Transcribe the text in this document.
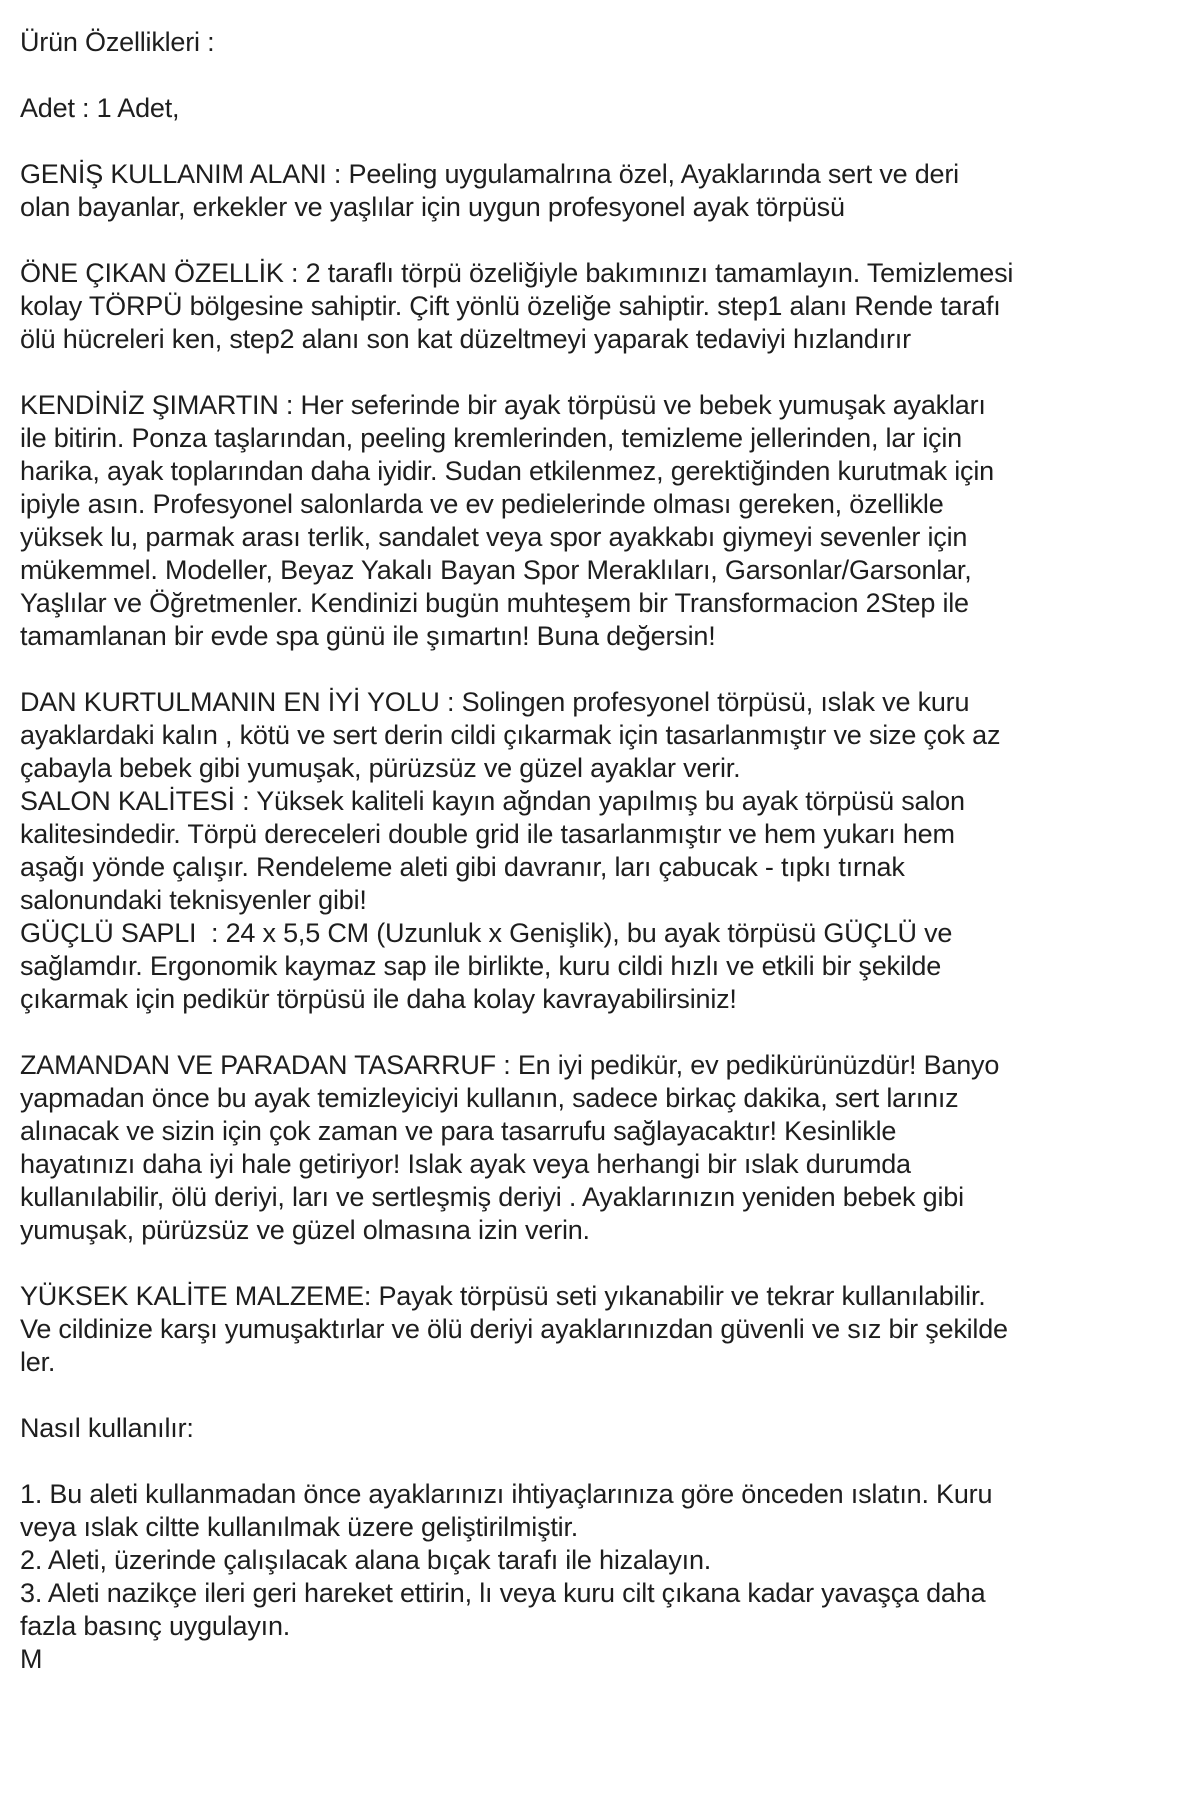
Ürün Özellikleri :

Adet : 1 Adet,

GENİŞ KULLANIM ALANI : Peeling uygulamalrına özel, Ayaklarında sert ve deri olan bayanlar, erkekler ve yaşlılar için uygun profesyonel ayak törpüsü

ÖNE ÇIKAN ÖZELLİK : 2 taraflı törpü özeliğiyle bakımınızı tamamlayın. Temizlemesi kolay TÖRPÜ bölgesine sahiptir. Çift yönlü özeliğe sahiptir. step1 alanı Rende tarafı ölü hücreleri ken, step2 alanı son kat düzeltmeyi yaparak tedaviyi hızlandırır

KENDİNİZ ŞIMARTIN : Her seferinde bir ayak törpüsü ve bebek yumuşak ayakları ile bitirin. Ponza taşlarından, peeling kremlerinden, temizleme jellerinden, lar için harika, ayak toplarından daha iyidir. Sudan etkilenmez, gerektiğinden kurutmak için ipiyle asın. Profesyonel salonlarda ve ev pedielerinde olması gereken, özellikle yüksek lu, parmak arası terlik, sandalet veya spor ayakkabı giymeyi sevenler için mükemmel. Modeller, Beyaz Yakalı Bayan Spor Meraklıları, Garsonlar/Garsonlar, Yaşlılar ve Öğretmenler. Kendinizi bugün muhteşem bir Transformacion 2Step ile tamamlanan bir evde spa günü ile şımartın! Buna değersin!

DAN KURTULMANIN EN İYİ YOLU : Solingen profesyonel törpüsü, ıslak ve kuru ayaklardaki kalın , kötü ve sert derin cildi çıkarmak için tasarlanmıştır ve size çok az çabayla bebek gibi yumuşak, pürüzsüz ve güzel ayaklar verir.
SALON KALİTESİ : Yüksek kaliteli kayın ağndan yapılmış bu ayak törpüsü salon kalitesindedir. Törpü dereceleri double grid ile tasarlanmıştır ve hem yukarı hem aşağı yönde çalışır. Rendeleme aleti gibi davranır, ları çabucak - tıpkı tırnak salonundaki teknisyenler gibi!
GÜÇLÜ SAPLI  : 24 x 5,5 CM (Uzunluk x Genişlik), bu ayak törpüsü GÜÇLÜ ve sağlamdır. Ergonomik kaymaz sap ile birlikte, kuru cildi hızlı ve etkili bir şekilde çıkarmak için pedikür törpüsü ile daha kolay kavrayabilirsiniz!

ZAMANDAN VE PARADAN TASARRUF : En iyi pedikür, ev pedikürünüzdür! Banyo yapmadan önce bu ayak temizleyiciyi kullanın, sadece birkaç dakika, sert larınız alınacak ve sizin için çok zaman ve para tasarrufu sağlayacaktır! Kesinlikle hayatınızı daha iyi hale getiriyor! Islak ayak veya herhangi bir ıslak durumda kullanılabilir, ölü deriyi, ları ve sertleşmiş deriyi . Ayaklarınızın yeniden bebek gibi yumuşak, pürüzsüz ve güzel olmasına izin verin.

YÜKSEK KALİTE MALZEME: Payak törpüsü seti yıkanabilir ve tekrar kullanılabilir. Ve cildinize karşı yumuşaktırlar ve ölü deriyi ayaklarınızdan güvenli ve sız bir şekilde ler.

Nasıl kullanılır:

1. Bu aleti kullanmadan önce ayaklarınızı ihtiyaçlarınıza göre önceden ıslatın. Kuru veya ıslak ciltte kullanılmak üzere geliştirilmiştir.
2. Aleti, üzerinde çalışılacak alana bıçak tarafı ile hizalayın.
3. Aleti nazikçe ileri geri hareket ettirin, lı veya kuru cilt çıkana kadar yavaşça daha fazla basınç uygulayın.
M
